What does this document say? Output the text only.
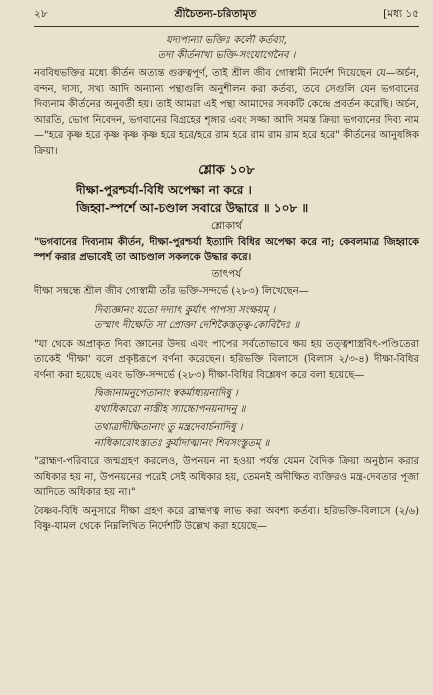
২৮	শ্রীচৈতন্য-চরিতামৃত	[মধ্য ১৫

যদ্যপ্যন্যা ভক্তিঃ কলৌ কর্তব্যা,

তদা কীর্তনাখ্য ভক্তি-সংযোগেনৈব ।

নববিধভক্তির মধ্যে কীর্তন অত্যন্ত গুরুত্বপূর্ণ, তাই শ্রীল জীব গোস্বামী নির্দেশ দিয়েছেন যে—অর্চন, বন্দন, দাস্য, সখ্য আদি অন্যান্য পন্থাগুলি অনুশীলন করা কর্তব্য, তবে সেগুলি যেন ভগবানের দিব্যনাম কীর্তনের অনুবর্তী হয়। তাই আমরা এই পন্থা আমাদের সবকটি কেন্দ্রে প্রবর্তন করেছি। অর্চন, আরতি, ভোগ নিবেদন, ভগবানের বিগ্রহের শৃঙ্গার এবং সজ্জা আদি সমস্ত ক্রিয়া ভগবানের দিব্য নাম—"হরে কৃষ্ণ হরে কৃষ্ণ কৃষ্ণ কৃষ্ণ হরে হরে/হরে রাম হরে রাম রাম রাম হরে হরে" কীর্তনের আনুষঙ্গিক ক্রিয়া।

শ্লোক ১০৮

দীক্ষা-পুরশ্চর্যা-বিধি অপেক্ষা না করে ।

জিহ্বা-স্পর্শে আ-চণ্ডাল সবারে উদ্ধারে ॥ ১০৮ ॥

শ্লোকার্থ

"ভগবানের দিব্যনাম কীর্তন, দীক্ষা-পুরশ্চর্যা ইত্যাদি বিধির অপেক্ষা করে না; কেবলমাত্র জিহ্বাকে স্পর্শ করার প্রভাবেই তা আচণ্ডাল সকলকে উদ্ধার করে।

তাৎপর্য

দীক্ষা সম্বন্ধে শ্রীল জীব গোস্বামী তাঁর ভক্তি-সন্দর্ভে (২৮৩) লিখেছেন—

দিব্যজ্ঞানং যতো দদ্যাৎ কুর্যাৎ পাপস্য সংক্ষয়ম্ ।

তস্মাৎ দীক্ষেতি সা প্রোক্তা দেশিকৈস্তত্ত্ব-কোবিদৈঃ ॥

"যা থেকে অপ্রাকৃত দিব্য জ্ঞানের উদয় এবং পাপের সর্বতোভাবে ক্ষয় হয় তত্ত্বশাস্ত্রবিৎ-পণ্ডিতেরা তাকেই 'দীক্ষা' বলে প্রকৃষ্টরূপে বর্ণনা করেছেন। হরিভক্তি বিলাসে (বিলাস ২/৩-৪) দীক্ষা-বিধির বর্ণনা করা হয়েছে এবং ভক্তি-সন্দর্ভে (২৮৩) দীক্ষা-বিধির বিশ্লেষণ করে বলা হয়েছে—

দ্বিজানামনুপেতানাং স্বকর্মাধ্যয়নাদিষু ।

যথাধিকারো নাস্তীহ স্যাচ্চোপনয়নাদনু ॥

তথাত্রাদীক্ষিতানাং তু মন্ত্রদেবার্চনাদিষু ।

নাধিকারোঽস্ত্যতঃ কুর্যাদাত্মানং শিবসংস্তুতম্ ॥

"ব্রাহ্মণ-পরিবারে জন্মগ্রহণ করলেও, উপনয়ন না হওয়া পর্যন্ত যেমন বৈদিক ক্রিয়া অনুষ্ঠান করার অধিকার হয় না, উপনয়নের পরেই সেই অধিকার হয়, তেমনই অদীক্ষিত ব্যক্তিরও মন্ত্র-দেবতার পূজা আদিতে অধিকার হয় না।"

বৈষ্ণব-বিধি অনুসারে দীক্ষা গ্রহণ করে ব্রাহ্মণত্ব লাভ করা অবশ্য কর্তব্য। হরিভক্তি-বিলাসে (২/৬) বিষ্ণু-যামল থেকে নিম্নলিখিত নির্দেশটি উল্লেখ করা হয়েছে—
